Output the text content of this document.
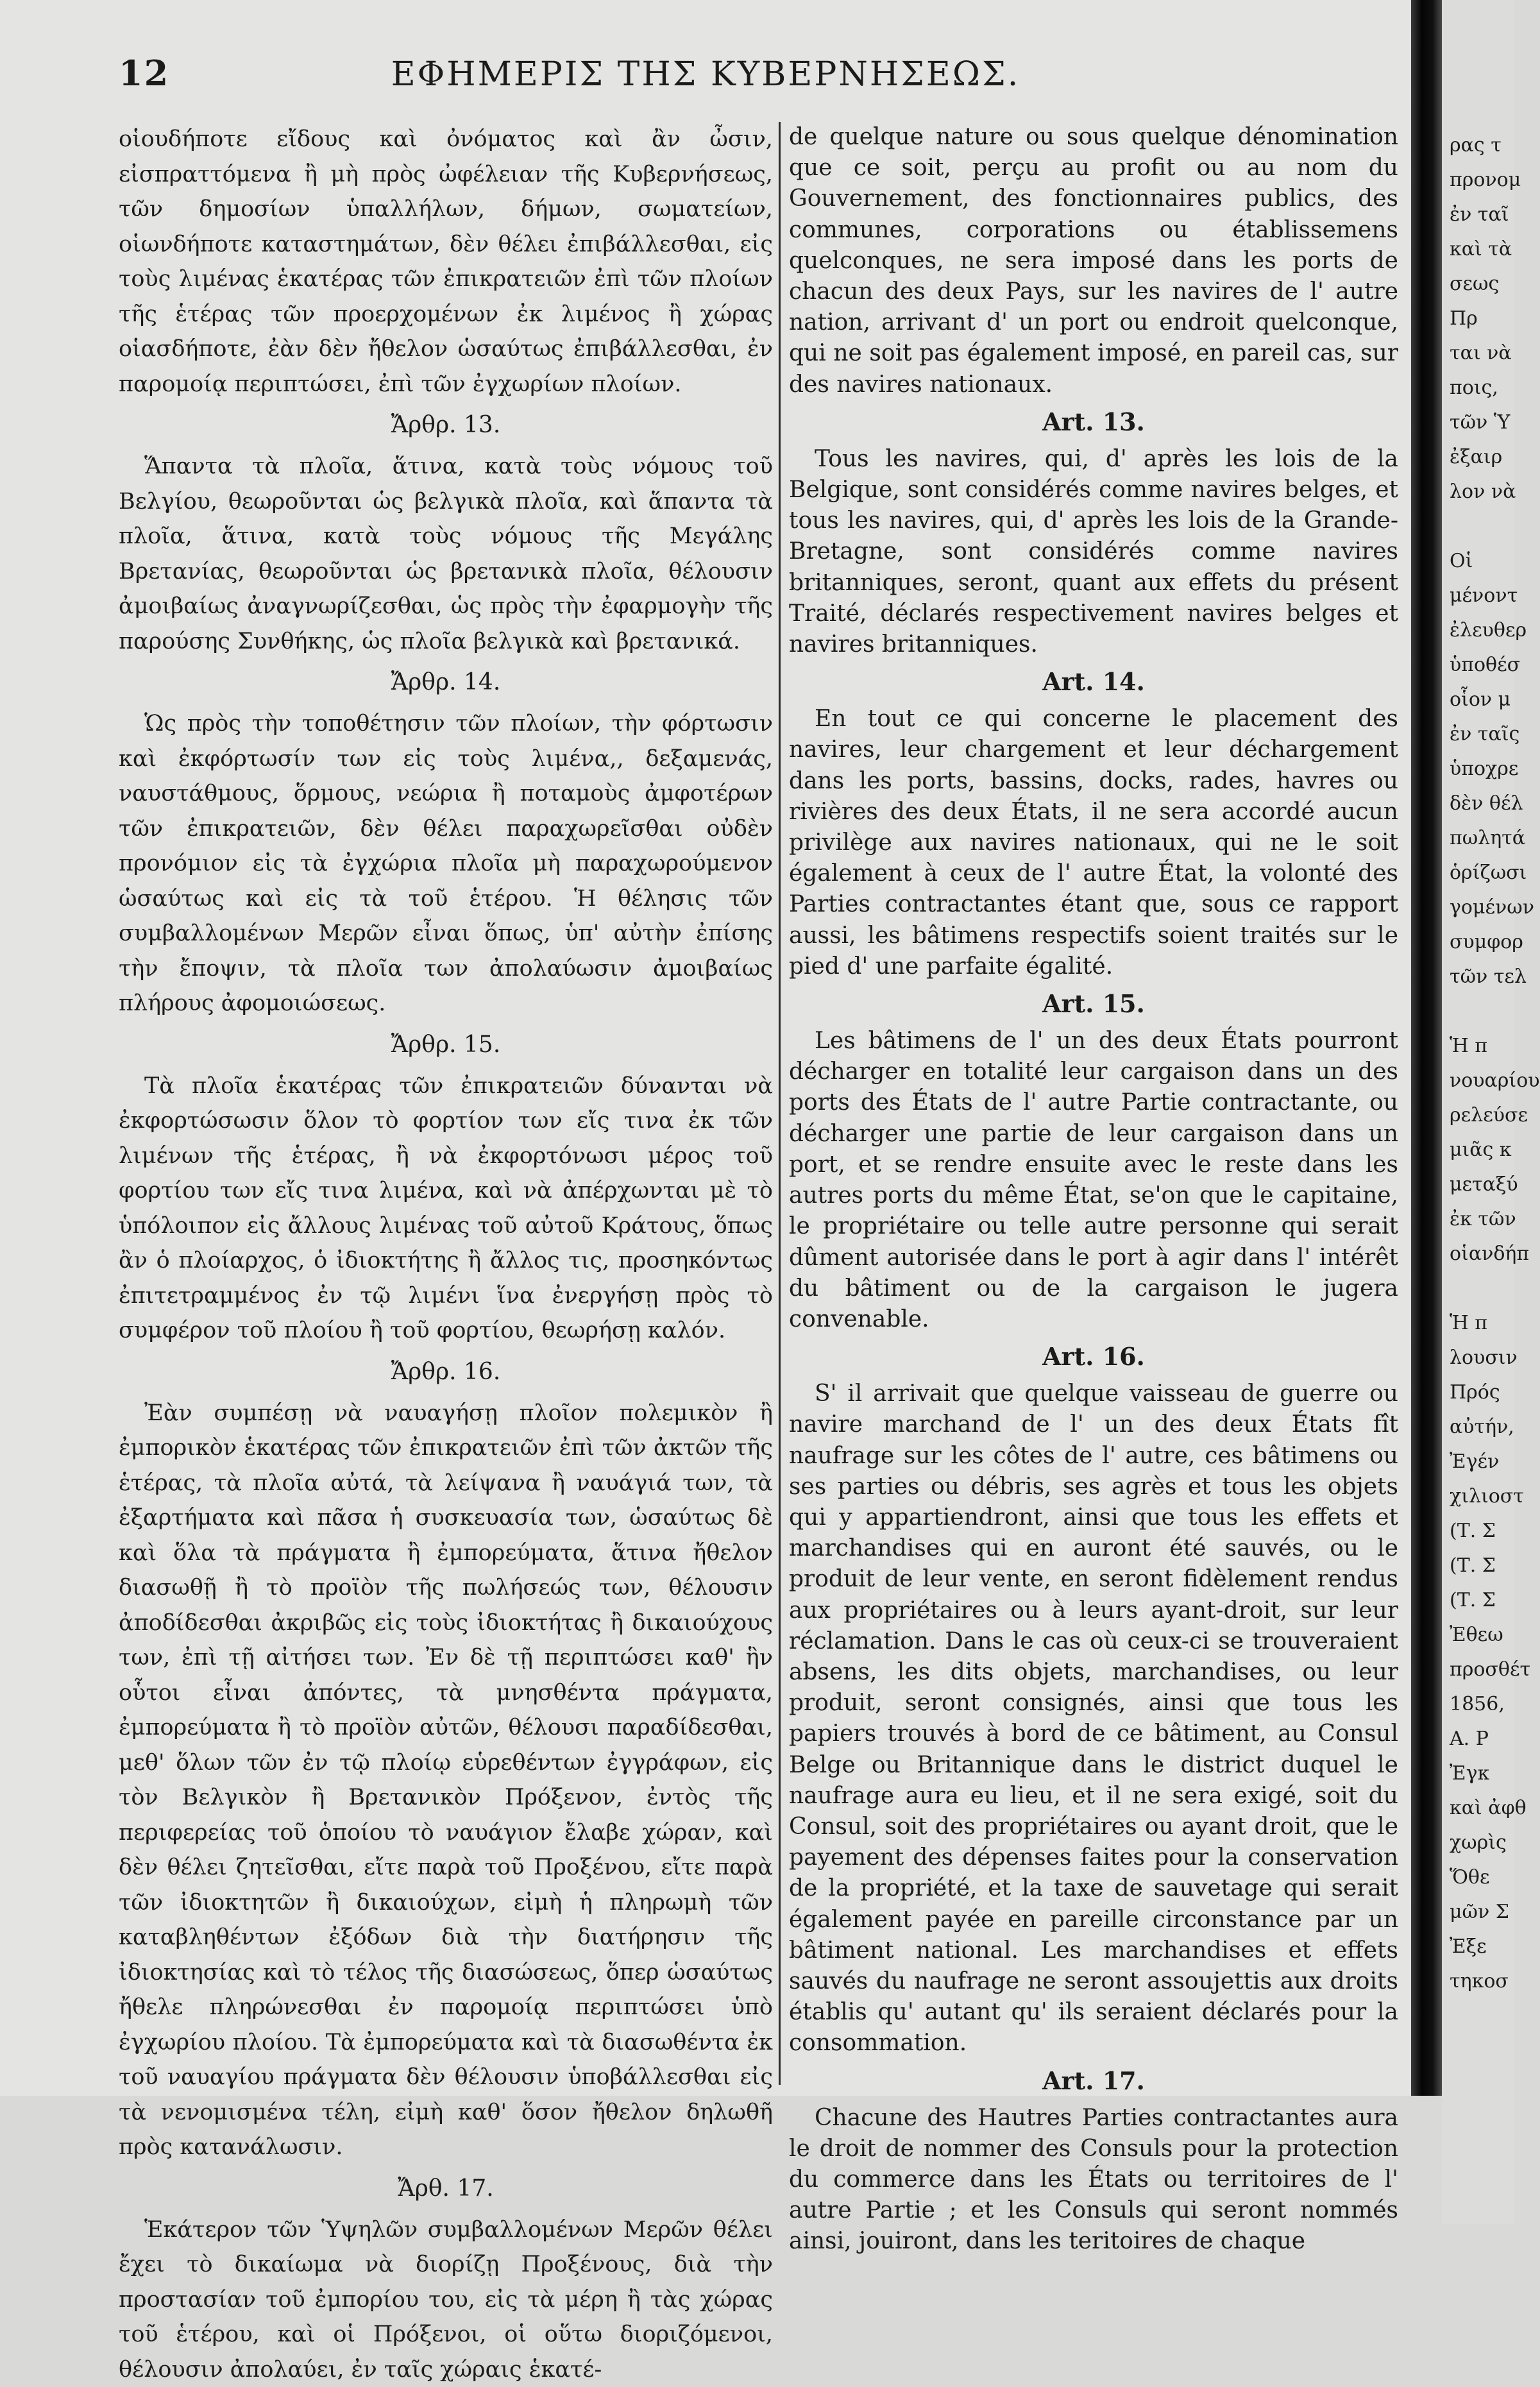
12	ΕΦΗΜΕΡΙΣ ΤΗΣ ΚΥΒΕΡΝΗΣΕΩΣ.

οἱουδήποτε εἴδους καὶ ὀνόματος καὶ ἂν ὦσιν, εἰσπραττόμενα ἢ μὴ πρὸς ὠφέλειαν τῆς Κυβερνήσεως, τῶν δημοσίων ὑπαλλήλων, δήμων, σωματείων, οἱωνδήποτε καταστημάτων, δὲν θέλει ἐπιβάλλεσθαι, εἰς τοὺς λιμένας ἑκατέρας τῶν ἐπικρατειῶν ἐπὶ τῶν πλοίων τῆς ἑτέρας τῶν προερχομένων ἐκ λιμένος ἢ χώρας οἱασδήποτε, ἐὰν δὲν ἤθελον ὡσαύτως ἐπιβάλλεσθαι, ἐν παρομοίᾳ περιπτώσει, ἐπὶ τῶν ἐγχωρίων πλοίων.

Ἄρθρ. 13.

Ἅπαντα τὰ πλοῖα, ἅτινα, κατὰ τοὺς νόμους τοῦ Βελγίου, θεωροῦνται ὡς βελγικὰ πλοῖα, καὶ ἅπαντα τὰ πλοῖα, ἅτινα, κατὰ τοὺς νόμους τῆς Μεγάλης Βρετανίας, θεωροῦνται ὡς βρετανικὰ πλοῖα, θέλουσιν ἀμοιβαίως ἀναγνωρίζεσθαι, ὡς πρὸς τὴν ἐφαρμογὴν τῆς παρούσης Συνθήκης, ὡς πλοῖα βελγικὰ καὶ βρετανικά.

Ἄρθρ. 14.

Ὡς πρὸς τὴν τοποθέτησιν τῶν πλοίων, τὴν φόρτωσιν καὶ ἐκφόρτωσίν των εἰς τοὺς λιμένα,, δεξαμενάς, ναυστάθμους, ὅρμους, νεώρια ἢ ποταμοὺς ἀμφοτέρων τῶν ἐπικρατειῶν, δὲν θέλει παραχωρεῖσθαι οὐδὲν προνόμιον εἰς τὰ ἐγχώρια πλοῖα μὴ παραχωρούμενον ὡσαύτως καὶ εἰς τὰ τοῦ ἑτέρου. Ἡ θέλησις τῶν συμβαλλομένων Μερῶν εἶναι ὅπως, ὑπ' αὐτὴν ἐπίσης τὴν ἔποψιν, τὰ πλοῖα των ἀπολαύωσιν ἀμοιβαίως πλήρους ἀφομοιώσεως.

Ἄρθρ. 15.

Τὰ πλοῖα ἑκατέρας τῶν ἐπικρατειῶν δύνανται νὰ ἐκφορτώσωσιν ὅλον τὸ φορτίον των εἴς τινα ἐκ τῶν λιμένων τῆς ἑτέρας, ἢ νὰ ἐκφορτόνωσι μέρος τοῦ φορτίου των εἴς τινα λιμένα, καὶ νὰ ἀπέρχωνται μὲ τὸ ὑπόλοιπον εἰς ἄλλους λιμένας τοῦ αὐτοῦ Κράτους, ὅπως ἂν ὁ πλοίαρχος, ὁ ἰδιοκτήτης ἢ ἄλλος τις, προσηκόντως ἐπιτετραμμένος ἐν τῷ λιμένι ἵνα ἐνεργήσῃ πρὸς τὸ συμφέρον τοῦ πλοίου ἢ τοῦ φορτίου, θεωρήσῃ καλόν.

Ἄρθρ. 16.

Ἐὰν συμπέσῃ νὰ ναυαγήσῃ πλοῖον πολεμικὸν ἢ ἐμπορικὸν ἑκατέρας τῶν ἐπικρατειῶν ἐπὶ τῶν ἀκτῶν τῆς ἑτέρας, τὰ πλοῖα αὐτά, τὰ λείψανα ἢ ναυάγιά των, τὰ ἐξαρτήματα καὶ πᾶσα ἡ συσκευασία των, ὡσαύτως δὲ καὶ ὅλα τὰ πράγματα ἢ ἐμπορεύματα, ἅτινα ἤθελον διασωθῇ ἢ τὸ προϊὸν τῆς πωλήσεώς των, θέλουσιν ἀποδίδεσθαι ἀκριβῶς εἰς τοὺς ἰδιοκτήτας ἢ δικαιούχους των, ἐπὶ τῇ αἰτήσει των. Ἐν δὲ τῇ περιπτώσει καθ' ἣν οὗτοι εἶναι ἀπόντες, τὰ μνησθέντα πράγματα, ἐμπορεύματα ἢ τὸ προϊὸν αὐτῶν, θέλουσι παραδίδεσθαι, μεθ' ὅλων τῶν ἐν τῷ πλοίῳ εὑρεθέντων ἐγγράφων, εἰς τὸν Βελγικὸν ἢ Βρετανικὸν Πρόξενον, ἐντὸς τῆς περιφερείας τοῦ ὁποίου τὸ ναυάγιον ἔλαβε χώραν, καὶ δὲν θέλει ζητεῖσθαι, εἴτε παρὰ τοῦ Προξένου, εἴτε παρὰ τῶν ἰδιοκτητῶν ἢ δικαιούχων, εἰμὴ ἡ πληρωμὴ τῶν καταβληθέντων ἐξόδων διὰ τὴν διατήρησιν τῆς ἰδιοκτησίας καὶ τὸ τέλος τῆς διασώσεως, ὅπερ ὡσαύτως ἤθελε πληρώνεσθαι ἐν παρομοίᾳ περιπτώσει ὑπὸ ἐγχωρίου πλοίου. Τὰ ἐμπορεύματα καὶ τὰ διασωθέντα ἐκ τοῦ ναυαγίου πράγματα δὲν θέλουσιν ὑποβάλλεσθαι εἰς τὰ νενομισμένα τέλη, εἰμὴ καθ' ὅσον ἤθελον δηλωθῆ πρὸς κατανάλωσιν.

Ἄρθ. 17.

Ἑκάτερον τῶν Ὑψηλῶν συμβαλλομένων Μερῶν θέλει ἔχει τὸ δικαίωμα νὰ διορίζῃ Προξένους, διὰ τὴν προστασίαν τοῦ ἐμπορίου του, εἰς τὰ μέρη ἢ τὰς χώρας τοῦ ἑτέρου, καὶ οἱ Πρόξενοι, οἱ οὕτω διοριζόμενοι, θέλουσιν ἀπολαύει, ἐν ταῖς χώραις ἑκατέ-

de quelque nature ou sous quelque dénomination que ce soit, perçu au profit ou au nom du Gouvernement, des fonctionnaires publics, des communes, corporations ou établissemens quelconques, ne sera imposé dans les ports de chacun des deux Pays, sur les navires de l' autre nation, arrivant d' un port ou endroit quelconque, qui ne soit pas également imposé, en pareil cas, sur des navires nationaux.

Art. 13.

Tous les navires, qui, d' après les lois de la Belgique, sont considérés comme navires belges, et tous les navires, qui, d' après les lois de la Grande-Bretagne, sont considérés comme navires britanniques, seront, quant aux effets du présent Traité, déclarés respectivement navires belges et navires britanniques.

Art. 14.

En tout ce qui concerne le placement des navires, leur chargement et leur déchargement dans les ports, bassins, docks, rades, havres ou rivières des deux États, il ne sera accordé aucun privilège aux navires nationaux, qui ne le soit également à ceux de l' autre État, la volonté des Parties contractantes étant que, sous ce rapport aussi, les bâtimens respectifs soient traités sur le pied d' une parfaite égalité.

Art. 15.

Les bâtimens de l' un des deux États pourront décharger en totalité leur cargaison dans un des ports des États de l' autre Partie contractante, ou décharger une partie de leur cargaison dans un port, et se rendre ensuite avec le reste dans les autres ports du même État, se'on que le capitaine, le propriétaire ou telle autre personne qui serait dûment autorisée dans le port à agir dans l' intérêt du bâtiment ou de la cargaison le jugera convenable.

Art. 16.

S' il arrivait que quelque vaisseau de guerre ou navire marchand de l' un des deux États fît naufrage sur les côtes de l' autre, ces bâtimens ou ses parties ou débris, ses agrès et tous les objets qui y appartiendront, ainsi que tous les effets et marchandises qui en auront été sauvés, ou le produit de leur vente, en seront fidèlement rendus aux propriétaires ou à leurs ayant-droit, sur leur réclamation. Dans le cas où ceux-ci se trouveraient absens, les dits objets, marchandises, ou leur produit, seront consignés, ainsi que tous les papiers trouvés à bord de ce bâtiment, au Consul Belge ou Britannique dans le district duquel le naufrage aura eu lieu, et il ne sera exigé, soit du Consul, soit des propriétaires ou ayant droit, que le payement des dépenses faites pour la conservation de la propriété, et la taxe de sauvetage qui serait également payée en pareille circonstance par un bâtiment national. Les marchandises et effets sauvés du naufrage ne seront assoujettis aux droits établis qu' autant qu' ils seraient déclarés pour la consommation.

Art. 17.

Chacune des Hautres Parties contractantes aura le droit de nommer des Consuls pour la protection du commerce dans les États ou territoires de l' autre Partie ; et les Consuls qui seront nommés ainsi, jouiront, dans les teritoires de chaque

ρας τ
προνομ
ἐν ταῖ
καὶ τὰ
σεως
Πρ
ται νὰ
ποις,
τῶν Ὑ
ἐξαιρ
λον νὰ

Οἱ
μένοντ
ἐλευθερ
ὑποθέσ
οἷον μ
ἐν ταῖς
ὑποχρε
δὲν θέλ
πωλητά
ὁρίζωσι
γομένων
συμφορ
τῶν τελ

Ἡ π
νουαρίου
ρελεύσε
μιᾶς κ
μεταξύ
ἐκ τῶν
οἱανδήπ

Ἡ π
λουσιν
Πρός
αὐτήν,
Ἐγέν
χιλιοστ
(Τ. Σ
(Τ. Σ
(Τ. Σ
Ἐθεω
προσθέτ
1856,
Α. Ρ
Ἐγκ
καὶ ἀφθ
χωρὶς
Ὅθε
μῶν Σ
Ἐξε
τηκοσ
